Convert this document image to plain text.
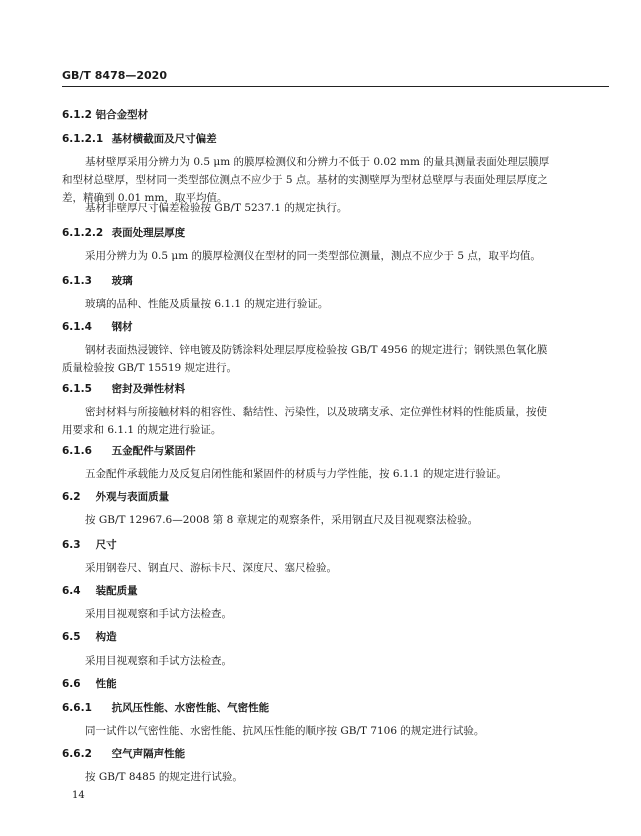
GB/T 8478—2020
6.1.2 铝合金型材
6.1.2.1 基材横截面及尺寸偏差

基材壁厚采用分辨力为 0.5 μm 的膜厚检测仪和分辨力不低于 0.02 mm 的量具测量表面处理层膜厚和型材总壁厚，型材同一类型部位测点不应少于 5 点。基材的实测壁厚为型材总壁厚与表面处理层厚度之差，精确到 0.01 mm，取平均值。

基材非壁厚尺寸偏差检验按 GB/T 5237.1 的规定执行。

6.1.2.2 表面处理层厚度

采用分辨力为 0.5 μm 的膜厚检测仪在型材的同一类型部位测量，测点不应少于 5 点，取平均值。

6.1.3 玻璃

玻璃的品种、性能及质量按 6.1.1 的规定进行验证。

6.1.4 钢材

钢材表面热浸镀锌、锌电镀及防锈涂料处理层厚度检验按 GB/T 4956 的规定进行；钢铁黑色氧化膜质量检验按 GB/T 15519 规定进行。

6.1.5 密封及弹性材料

密封材料与所接触材料的相容性、黏结性、污染性，以及玻璃支承、定位弹性材料的性能质量，按使用要求和 6.1.1 的规定进行验证。

6.1.6 五金配件与紧固件

五金配件承载能力及反复启闭性能和紧固件的材质与力学性能，按 6.1.1 的规定进行验证。

6.2 外观与表面质量

按 GB/T 12967.6—2008 第 8 章规定的观察条件，采用钢直尺及目视观察法检验。

6.3 尺寸

采用钢卷尺、钢直尺、游标卡尺、深度尺、塞尺检验。

6.4 装配质量

采用目视观察和手试方法检查。

6.5 构造

采用目视观察和手试方法检查。

6.6 性能
6.6.1 抗风压性能、水密性能、气密性能

同一试件以气密性能、水密性能、抗风压性能的顺序按 GB/T 7106 的规定进行试验。

6.6.2 空气声隔声性能

按 GB/T 8485 的规定进行试验。

14
